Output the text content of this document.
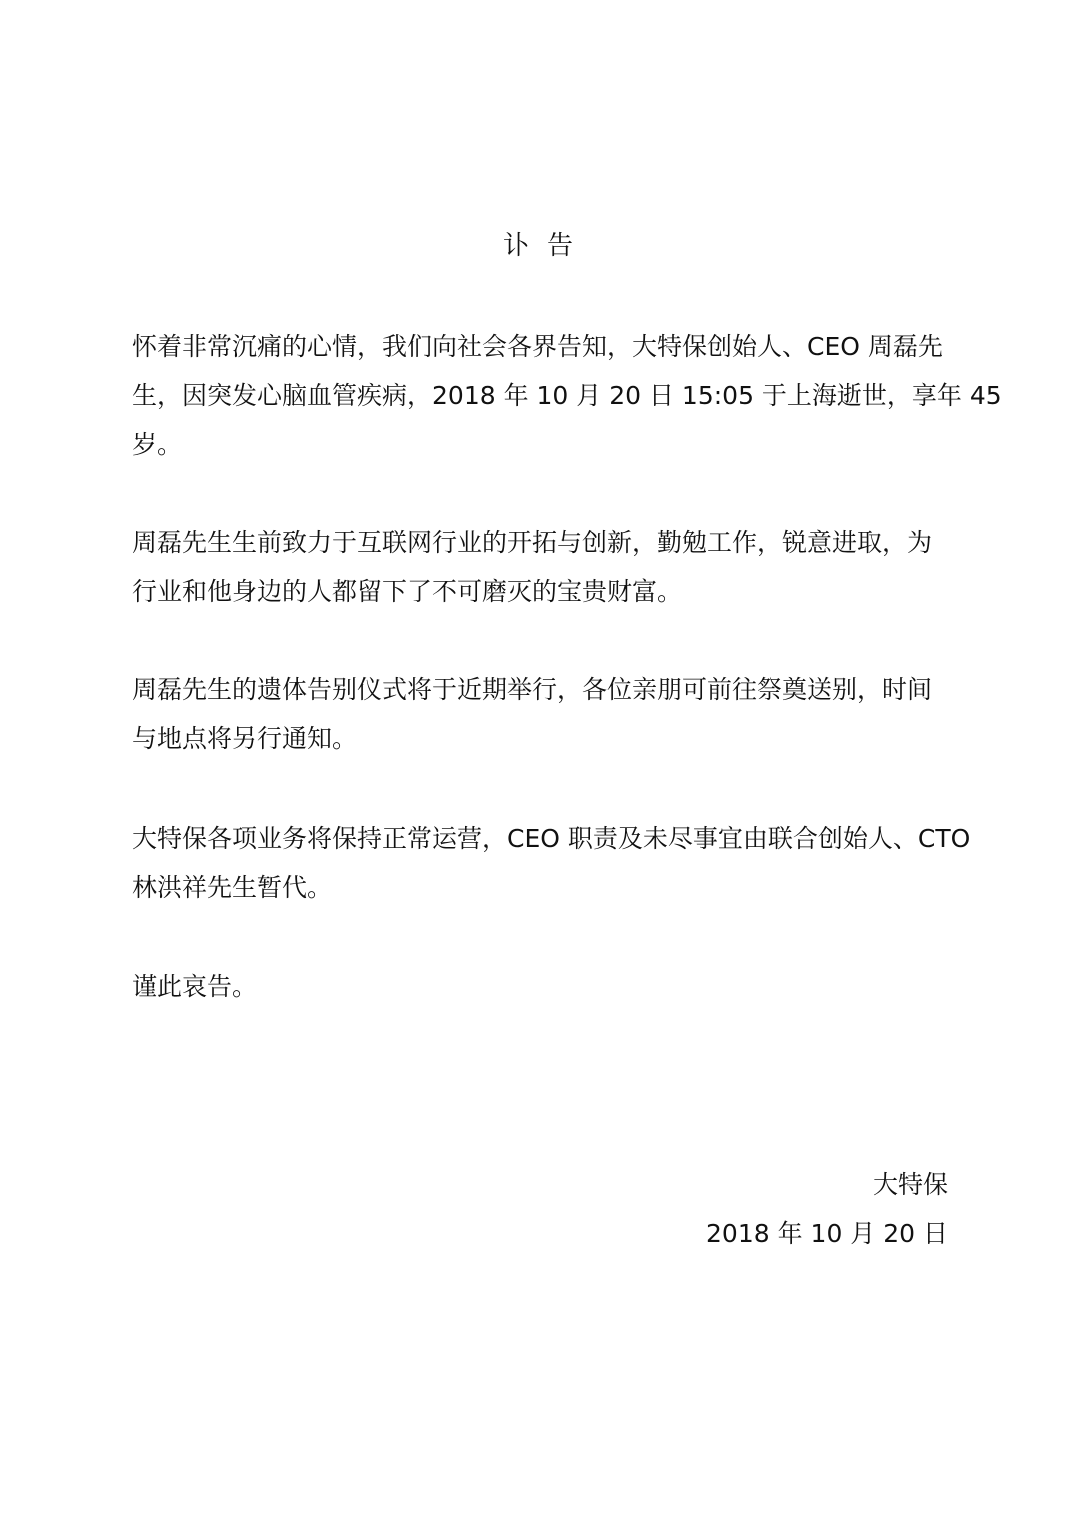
讣 告

怀着非常沉痛的心情，我们向社会各界告知，大特保创始人、CEO 周磊先
生，因突发心脑血管疾病，2018 年 10 月 20 日 15:05 于上海逝世，享年 45
岁。

周磊先生生前致力于互联网行业的开拓与创新，勤勉工作，锐意进取，为
行业和他身边的人都留下了不可磨灭的宝贵财富。

周磊先生的遗体告别仪式将于近期举行，各位亲朋可前往祭奠送别，时间
与地点将另行通知。

大特保各项业务将保持正常运营，CEO 职责及未尽事宜由联合创始人、CTO
林洪祥先生暂代。

谨此哀告。

大特保
2018 年 10 月 20 日
